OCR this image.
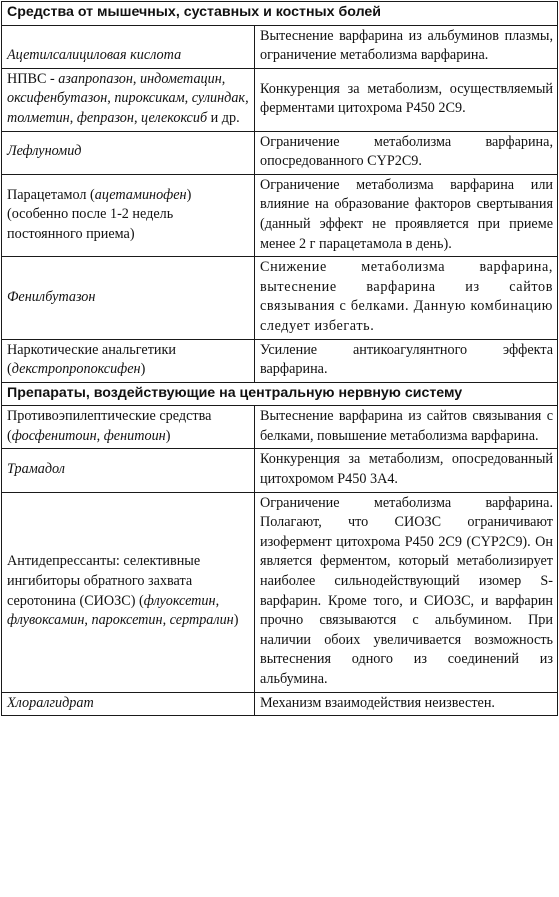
Средства от мышечных, суставных и костных болей	
Ацетилсалициловая кислота	Вытеснение варфарина из альбуминов плазмы, ограничение метаболизма варфарина.
НПВС - азапропазон, индометацин, оксифенбутазон, пироксикам, сулиндак, толметин, фепразон, целекоксиб и др.	Конкуренция за метаболизм, осуществляемый ферментами цитохрома Р450 2С9.
Лефлуномид	Ограничение метаболизма варфарина, опосредованного CYP2C9.
Парацетамол (ацетаминофен) (особенно после 1-2 недель постоянного приема)	Ограничение метаболизма варфарина или влияние на образование факторов свертывания (данный эффект не проявляется при приеме менее 2 г парацетамола в день).
Фенилбутазон	Снижение метаболизма варфарина, вытеснение варфарина из сайтов связывания с белками. Данную комбинацию следует избегать.
Наркотические анальгетики (декстропропоксифен)	Усиление антикоагулянтного эффекта варфарина.
Препараты, воздействующие на центральную нервную систему	
Противоэпилептические средства (фосфенитоин, фенитоин)	Вытеснение варфарина из сайтов связывания с белками, повышение метаболизма варфарина.
Трамадол	Конкуренция за метаболизм, опосредованный цитохромом Р450 3А4.
Антидепрессанты: селективные ингибиторы обратного захвата серотонина (СИОЗС) (флуоксетин, флувоксамин, пароксетин, сертралин)	Ограничение метаболизма варфарина. Полагают, что СИОЗС ограничивают изофермент цитохрома Р450 2С9 (CYP2C9). Он является ферментом, который метаболизирует наиболее сильнодействующий изомер S-варфарин. Кроме того, и СИОЗС, и варфарин прочно связываются с альбумином. При наличии обоих увеличивается возможность вытеснения одного из соединений из альбумина.
Хлоралгидрат	Механизм взаимодействия неизвестен.
